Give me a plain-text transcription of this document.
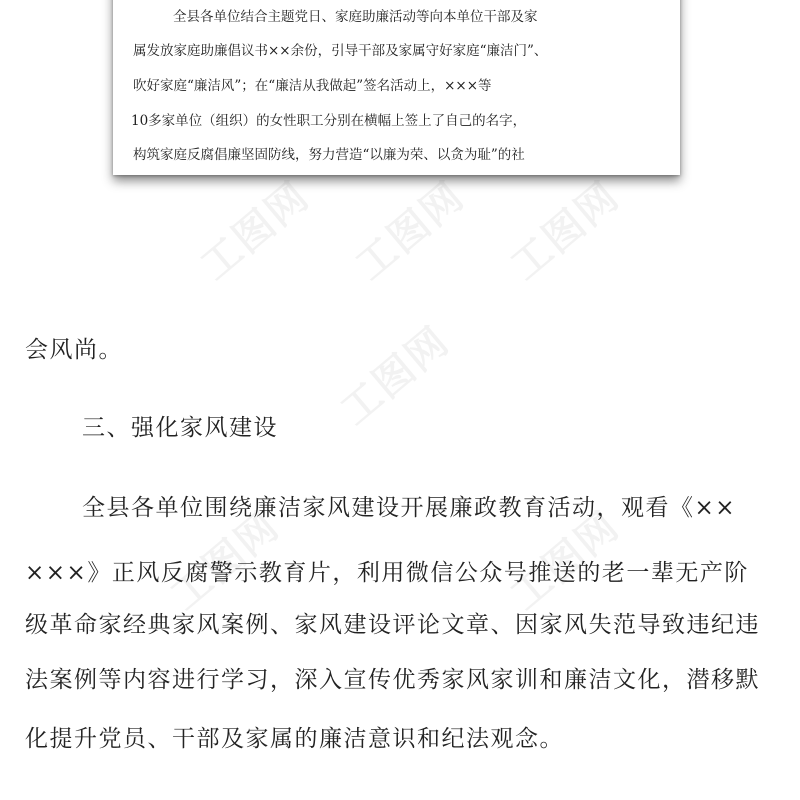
工图网 工图网 工图网
工图网
工图网	工图网
全县各单位结合主题党日、家庭助廉活动等向本单位干部及家
属发放家庭助廉倡议书××余份，引导干部及家属守好家庭“廉洁门”、
吹好家庭“廉洁风”；在“廉洁从我做起”签名活动上，×××等
10多家单位（组织）的女性职工分别在横幅上签上了自己的名字，
构筑家庭反腐倡廉坚固防线，努力营造“以廉为荣、以贪为耻”的社
会风尚。
三、强化家风建设
全县各单位围绕廉洁家风建设开展廉政教育活动，观看《××
×××》正风反腐警示教育片，利用微信公众号推送的老一辈无产阶
级革命家经典家风案例、家风建设评论文章、因家风失范导致违纪违
法案例等内容进行学习，深入宣传优秀家风家训和廉洁文化，潜移默
化提升党员、干部及家属的廉洁意识和纪法观念。
